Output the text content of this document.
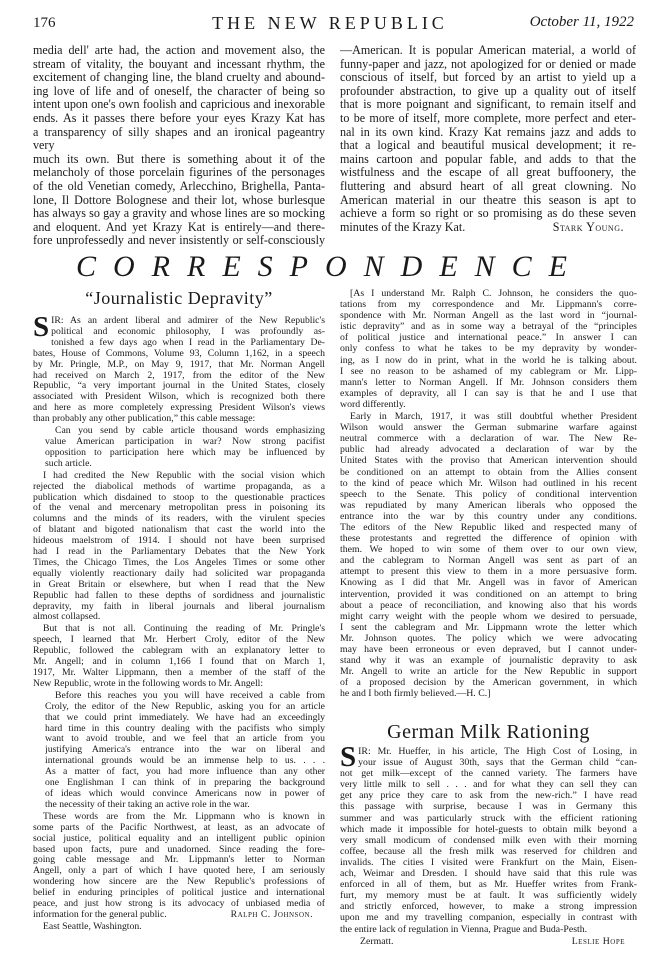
176	THE NEW REPUBLIC	October 11, 1922
media dell' arte had, the action and movement also, the
stream of vitality, the bouyant and incessant rhythm, the
excitement of changing line, the bland cruelty and abound-
ing love of life and of oneself, the character of being so
intent upon one's own foolish and capricious and inexorable
ends. As it passes there before your eyes Krazy Kat has
a transparency of silly shapes and an ironical pageantry very
much its own. But there is something about it of the
melancholy of those porcelain figurines of the personages
of the old Venetian comedy, Arlecchino, Brighella, Panta-
lone, Il Dottore Bolognese and their lot, whose burlesque
has always so gay a gravity and whose lines are so mocking
and eloquent. And yet Krazy Kat is entirely—and there-
fore unprofessedly and never insistently or self-consciously
—American. It is popular American material, a world of
funny-paper and jazz, not apologized for or denied or made
conscious of itself, but forced by an artist to yield up a
profounder abstraction, to give up a quality out of itself
that is more poignant and significant, to remain itself and
to be more of itself, more complete, more perfect and eter-
nal in its own kind. Krazy Kat remains jazz and adds to
that a logical and beautiful musical development; it re-
mains cartoon and popular fable, and adds to that the
wistfulness and the escape of all great buffoonery, the
fluttering and absurd heart of all great clowning. No
American material in our theatre this season is apt to
achieve a form so right or so promising as do these seven
minutes of the Krazy Kat.	Stark Young.
CORRESPONDENCE
“Journalistic Depravity”
S IR: As an ardent liberal and admirer of the New Republic's
political and economic philosophy, I was profoundly as-
tonished a few days ago when I read in the Parliamentary De-
bates, House of Commons, Volume 93, Column 1,162, in a speech
by Mr. Pringle, M.P., on May 9, 1917, that Mr. Norman Angell
had received on March 2, 1917, from the editor of the New
Republic, “a very important journal in the United States, closely
associated with President Wilson, which is recognized both there
and here as more completely expressing President Wilson's views
than probably any other publication,” this cable message:
Can you send by cable article thousand words emphasizing
value American participation in war? Now strong pacifist
opposition to participation here which may be influenced by
such article.
I had credited the New Republic with the social vision which
rejected the diabolical methods of wartime propaganda, as a
publication which disdained to stoop to the questionable practices
of the venal and mercenary metropolitan press in poisoning its
columns and the minds of its readers, with the virulent species
of blatant and bigoted nationalism that cast the world into the
hideous maelstrom of 1914. I should not have been surprised
had I read in the Parliamentary Debates that the New York
Times, the Chicago Times, the Los Angeles Times or some other
equally violently reactionary daily had solicited war propaganda
in Great Britain or elsewhere, but when I read that the New
Republic had fallen to these depths of sordidness and journalistic
depravity, my faith in liberal journals and liberal journalism
almost collapsed.
But that is not all. Continuing the reading of Mr. Pringle's
speech, I learned that Mr. Herbert Croly, editor of the New
Republic, followed the cablegram with an explanatory letter to
Mr. Angell; and in column 1,166 I found that on March 1,
1917, Mr. Walter Lippmann, then a member of the staff of the
New Republic, wrote in the following words to Mr. Angell:
Before this reaches you you will have received a cable from
Croly, the editor of the New Republic, asking you for an article
that we could print immediately. We have had an exceedingly
hard time in this country dealing with the pacifists who simply
want to avoid trouble, and we feel that an article from you
justifying America's entrance into the war on liberal and
international grounds would be an immense help to us. . . .
As a matter of fact, you had more influence than any other
one Englishman I can think of in preparing the background
of ideas which would convince Americans now in power of
the necessity of their taking an active role in the war.
These words are from the Mr. Lippmann who is known in
some parts of the Pacific Northwest, at least, as an advocate of
social justice, political equality and an intelligent public opinion
based upon facts, pure and unadorned. Since reading the fore-
going cable message and Mr. Lippmann's letter to Norman
Angell, only a part of which I have quoted here, I am seriously
wondering how sincere are the New Republic's professions of
belief in enduring principles of political justice and international
peace, and just how strong is its advocacy of unbiased media of
information for the general public.	Ralph C. Johnson.
East Seattle, Washington.
[As I understand Mr. Ralph C. Johnson, he considers the quo-
tations from my correspondence and Mr. Lippmann's corre-
spondence with Mr. Norman Angell as the last word in “journal-
istic depravity” and as in some way a betrayal of the “principles
of political justice and international peace.” In answer I can
only confess to what he takes to be my depravity by wonder-
ing, as I now do in print, what in the world he is talking about.
I see no reason to be ashamed of my cablegram or Mr. Lipp-
mann's letter to Norman Angell. If Mr. Johnson considers them
examples of depravity, all I can say is that he and I use that
word differently.
Early in March, 1917, it was still doubtful whether President
Wilson would answer the German submarine warfare against
neutral commerce with a declaration of war. The New Re-
public had already advocated a declaration of war by the
United States with the proviso that American intervention should
be conditioned on an attempt to obtain from the Allies consent
to the kind of peace which Mr. Wilson had outlined in his recent
speech to the Senate. This policy of conditional intervention
was repudiated by many American liberals who opposed the
entrance into the war by this country under any conditions.
The editors of the New Republic liked and respected many of
these protestants and regretted the difference of opinion with
them. We hoped to win some of them over to our own view,
and the cablegram to Norman Angell was sent as part of an
attempt to present this view to them in a more persuasive form.
Knowing as I did that Mr. Angell was in favor of American
intervention, provided it was conditioned on an attempt to bring
about a peace of reconciliation, and knowing also that his words
might carry weight with the people whom we desired to persuade,
I sent the cablegram and Mr. Lippmann wrote the letter which
Mr. Johnson quotes. The policy which we were advocating
may have been erroneous or even depraved, but I cannot under-
stand why it was an example of journalistic depravity to ask
Mr. Angell to write an article for the New Republic in support
of a proposed decision by the American government, in which
he and I both firmly believed.—H. C.]
German Milk Rationing
S IR: Mr. Hueffer, in his article, The High Cost of Losing, in
your issue of August 30th, says that the German child “can-
not get milk—except of the canned variety. The farmers have
very little milk to sell . . . and for what they can sell they can
get any price they care to ask from the new-rich.” I have read
this passage with surprise, because I was in Germany this
summer and was particularly struck with the efficient rationing
which made it impossible for hotel-guests to obtain milk beyond a
very small modicum of condensed milk even with their morning
coffee, because all the fresh milk was reserved for children and
invalids. The cities I visited were Frankfurt on the Main, Eisen-
ach, Weimar and Dresden. I should have said that this rule was
enforced in all of them, but as Mr. Hueffer writes from Frank-
furt, my memory must be at fault. It was sufficiently widely
and strictly enforced, however, to make a strong impression
upon me and my travelling companion, especially in contrast with
the entire lack of regulation in Vienna, Prague and Buda-Pesth.
Zermatt.	Leslie Hope
